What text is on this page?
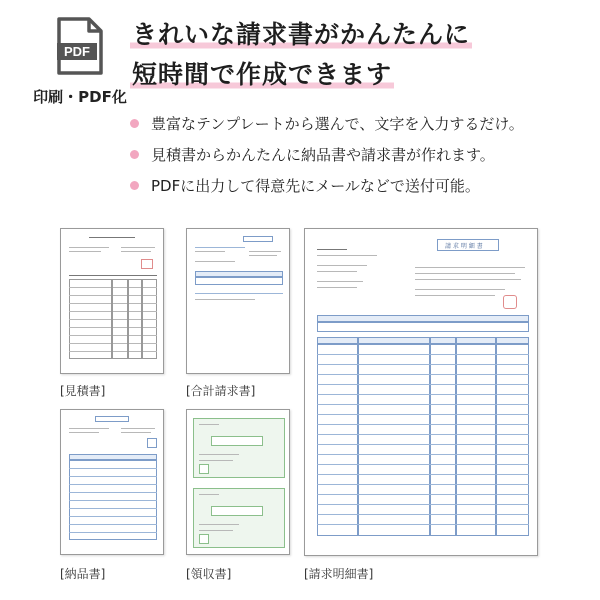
PDF
印刷・PDF化
きれいな請求書がかんたんに
短時間で作成できます
豊富なテンプレートから選んで、文字を入力するだけ。
見積書からかんたんに納品書や請求書が作れます。
PDFに出力して得意先にメールなどで送付可能。
[見積書]	[合計請求書]
[納品書]	[領収書]
請 求 明 細 書
[請求明細書]
